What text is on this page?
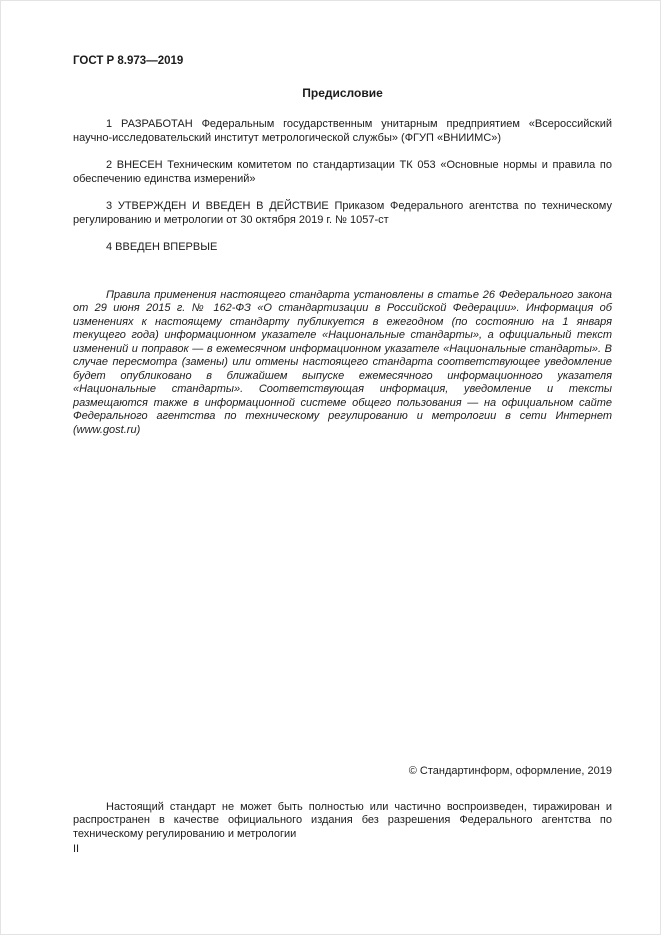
ГОСТ Р 8.973—2019
Предисловие

1 РАЗРАБОТАН Федеральным государственным унитарным предприятием «Всероссийский научно-исследовательский институт метрологической службы» (ФГУП «ВНИИМС»)

2 ВНЕСЕН Техническим комитетом по стандартизации ТК 053 «Основные нормы и правила по обеспечению единства измерений»

3 УТВЕРЖДЕН И ВВЕДЕН В ДЕЙСТВИЕ Приказом Федерального агентства по техническому регулированию и метрологии от 30 октября 2019 г. № 1057-ст

4 ВВЕДЕН ВПЕРВЫЕ

Правила применения настоящего стандарта установлены в статье 26 Федерального закона от 29 июня 2015 г. № 162-ФЗ «О стандартизации в Российской Федерации». Информация об изменениях к настоящему стандарту публикуется в ежегодном (по состоянию на 1 января текущего года) информационном указателе «Национальные стандарты», а официальный текст изменений и поправок — в ежемесячном информационном указателе «Национальные стандарты». В случае пересмотра (замены) или отмены настоящего стандарта соответствующее уведомление будет опубликовано в ближайшем выпуске ежемесячного информационного указателя «Национальные стандарты». Соответствующая информация, уведомление и тексты размещаются также в информационной системе общего пользования — на официальном сайте Федерального агентства по техническому регулированию и метрологии в сети Интернет (www.gost.ru)

© Стандартинформ, оформление, 2019

Настоящий стандарт не может быть полностью или частично воспроизведен, тиражирован и распространен в качестве официального издания без разрешения Федерального агентства по техническому регулированию и метрологии

II
